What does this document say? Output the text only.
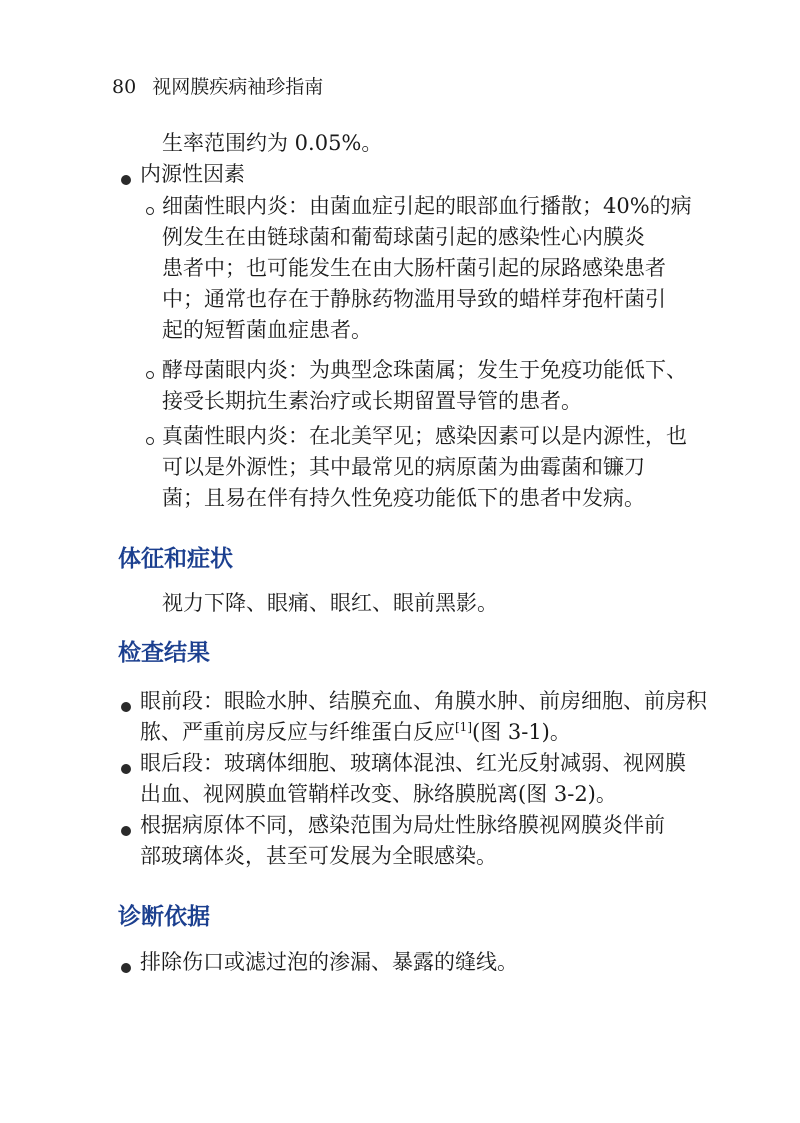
80 视网膜疾病袖珍指南
生率范围约为 0.05%。
内源性因素
细菌性眼内炎：由菌血症引起的眼部血行播散；40%的病
例发生在由链球菌和葡萄球菌引起的感染性心内膜炎
患者中；也可能发生在由大肠杆菌引起的尿路感染患者
中；通常也存在于静脉药物滥用导致的蜡样芽孢杆菌引
起的短暂菌血症患者。
酵母菌眼内炎：为典型念珠菌属；发生于免疫功能低下、
接受长期抗生素治疗或长期留置导管的患者。
真菌性眼内炎：在北美罕见；感染因素可以是内源性，也
可以是外源性；其中最常见的病原菌为曲霉菌和镰刀
菌；且易在伴有持久性免疫功能低下的患者中发病。
体征和症状
视力下降、眼痛、眼红、眼前黑影。
检查结果
眼前段：眼睑水肿、结膜充血、角膜水肿、前房细胞、前房积
脓、严重前房反应与纤维蛋白反应[1](图 3-1)。
眼后段：玻璃体细胞、玻璃体混浊、红光反射减弱、视网膜
出血、视网膜血管鞘样改变、脉络膜脱离(图 3-2)。
根据病原体不同，感染范围为局灶性脉络膜视网膜炎伴前
部玻璃体炎，甚至可发展为全眼感染。
诊断依据
排除伤口或滤过泡的渗漏、暴露的缝线。
